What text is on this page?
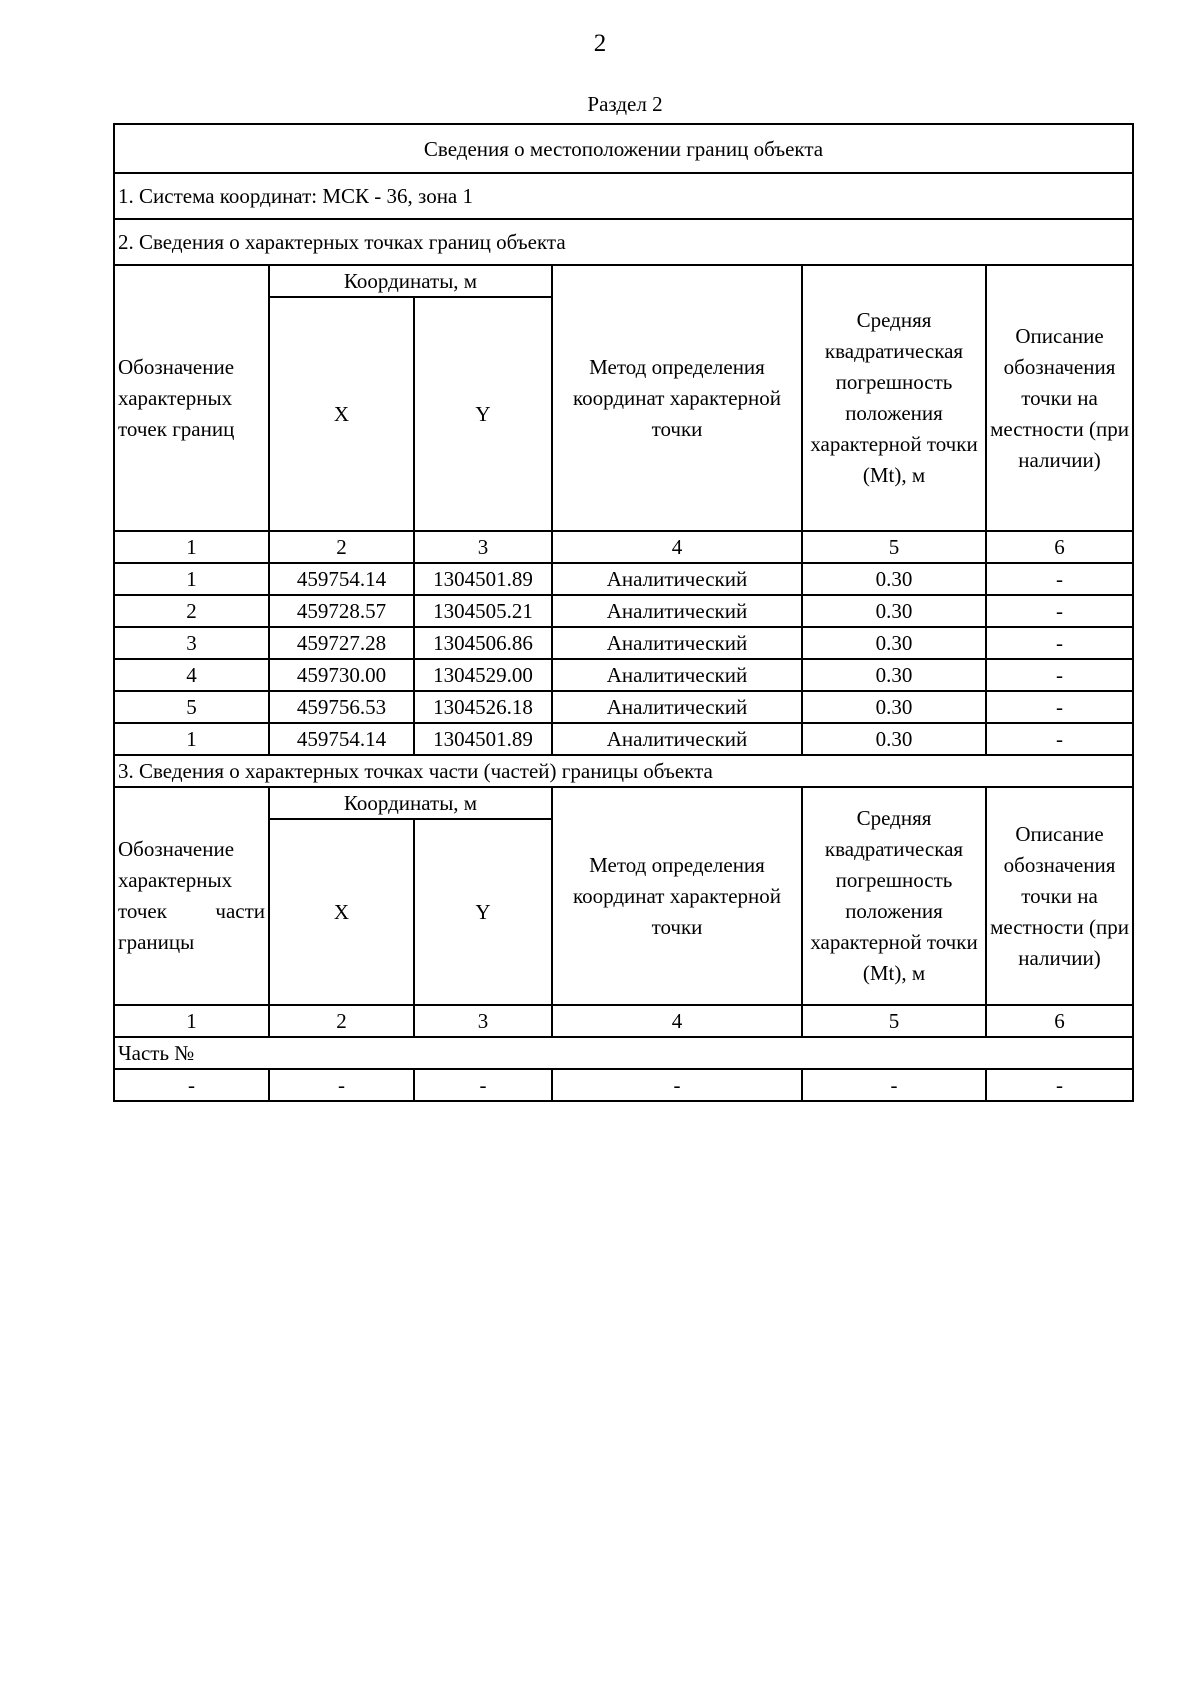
2
Раздел 2
Сведения о местоположении границ объекта					
1. Система координат: МСК - 36, зона 1					
2. Сведения о характерных точках границ объекта					
Обозначение характерных точек границ	Координаты, м		Метод определения координат характерной точки	Средняя квадратическая погрешность положения характерной точки (Mt), м	Описание обозначения точки на местности (при наличии)
	X	Y			
1	2	3	4	5	6
1	459754.14	1304501.89	Аналитический	0.30	-
2	459728.57	1304505.21	Аналитический	0.30	-
3	459727.28	1304506.86	Аналитический	0.30	-
4	459730.00	1304529.00	Аналитический	0.30	-
5	459756.53	1304526.18	Аналитический	0.30	-
1	459754.14	1304501.89	Аналитический	0.30	-
3. Сведения о характерных точках части (частей) границы объекта					
Обозначение характерных точек части границы	Координаты, м		Метод определения координат характерной точки	Средняя квадратическая погрешность положения характерной точки (Mt), м	Описание обозначения точки на местности (при наличии)
	X	Y			
1	2	3	4	5	6
Часть №					
-	-	-	-	-	-
